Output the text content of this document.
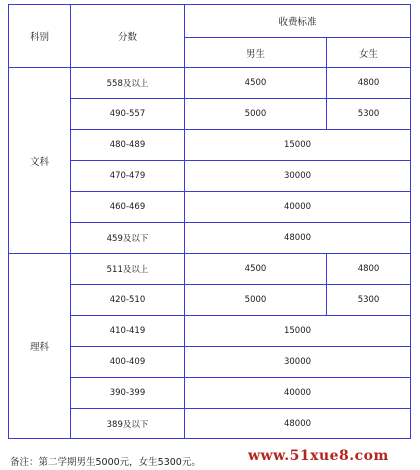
科别	分数	收费标准	
		男生	女生
文科	558及以上	4500	4800
	490-557	5000	5300
	480-489	15000	
	470-479	30000	
	460-469	40000	
	459及以下	48000	
理科	511及以上	4500	4800
	420-510	5000	5300
	410-419	15000	
	400-409	30000	
	390-399	40000	
	389及以下	48000	
备注：第二学期男生5000元，女生5300元。	www.51xue8.com
